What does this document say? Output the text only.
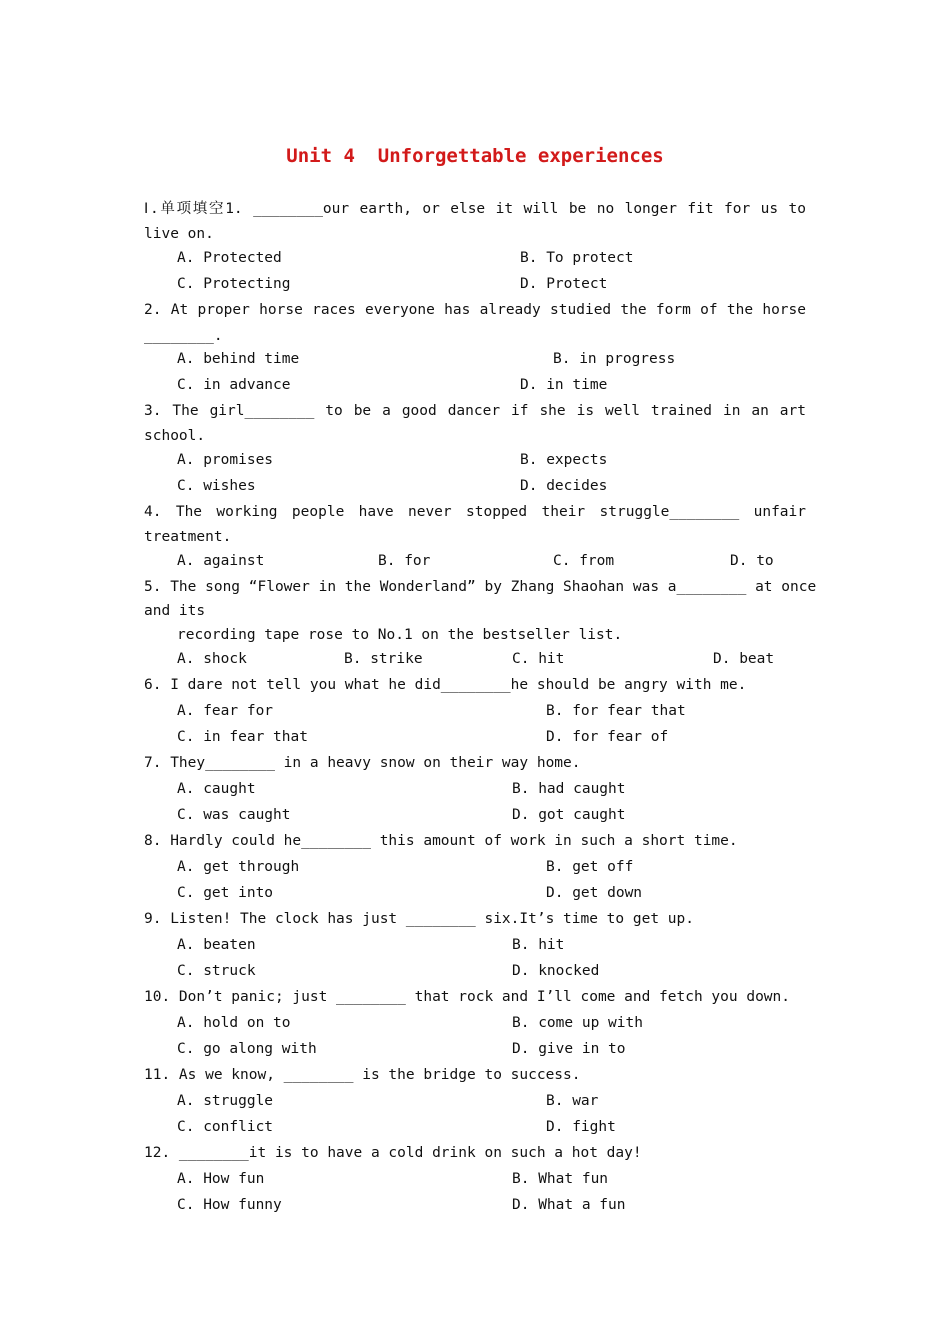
Unit 4  Unforgettable experiences
Ⅰ.单项填空1. ________our earth, or else it will be no longer fit for us to
live on.
A. Protected	B. To protect
C. Protecting	D. Protect
2. At proper horse races everyone has already studied the form of the horse
________.
A. behind time	B. in progress
C. in advance	D. in time
3. The girl________ to be a good dancer if she is well trained in an art
school.
A. promises	B. expects
C. wishes	D. decides
4. The working people have never stopped their struggle________ unfair
treatment.
A. against	B. for	C. from	D. to
5. The song “Flower in the Wonderland” by Zhang Shaohan was a________ at once
and its
recording tape rose to No.1 on the bestseller list.
A. shock	B. strike	C. hit	D. beat
6. I dare not tell you what he did________he should be angry with me.
A. fear for	B. for fear that
C. in fear that	D. for fear of
7. They________ in a heavy snow on their way home.
A. caught	B. had caught
C. was caught	D. got caught
8. Hardly could he________ this amount of work in such a short time.
A. get through	B. get off
C. get into	D. get down
9. Listen! The clock has just ________ six.It’s time to get up.
A. beaten	B. hit
C. struck	D. knocked
10. Don’t panic; just ________ that rock and I’ll come and fetch you down.
A. hold on to	B. come up with
C. go along with	D. give in to
11. As we know, ________ is the bridge to success.
A. struggle	B. war
C. conflict	D. fight
12. ________it is to have a cold drink on such a hot day!
A. How fun	B. What fun
C. How funny	D. What a fun
